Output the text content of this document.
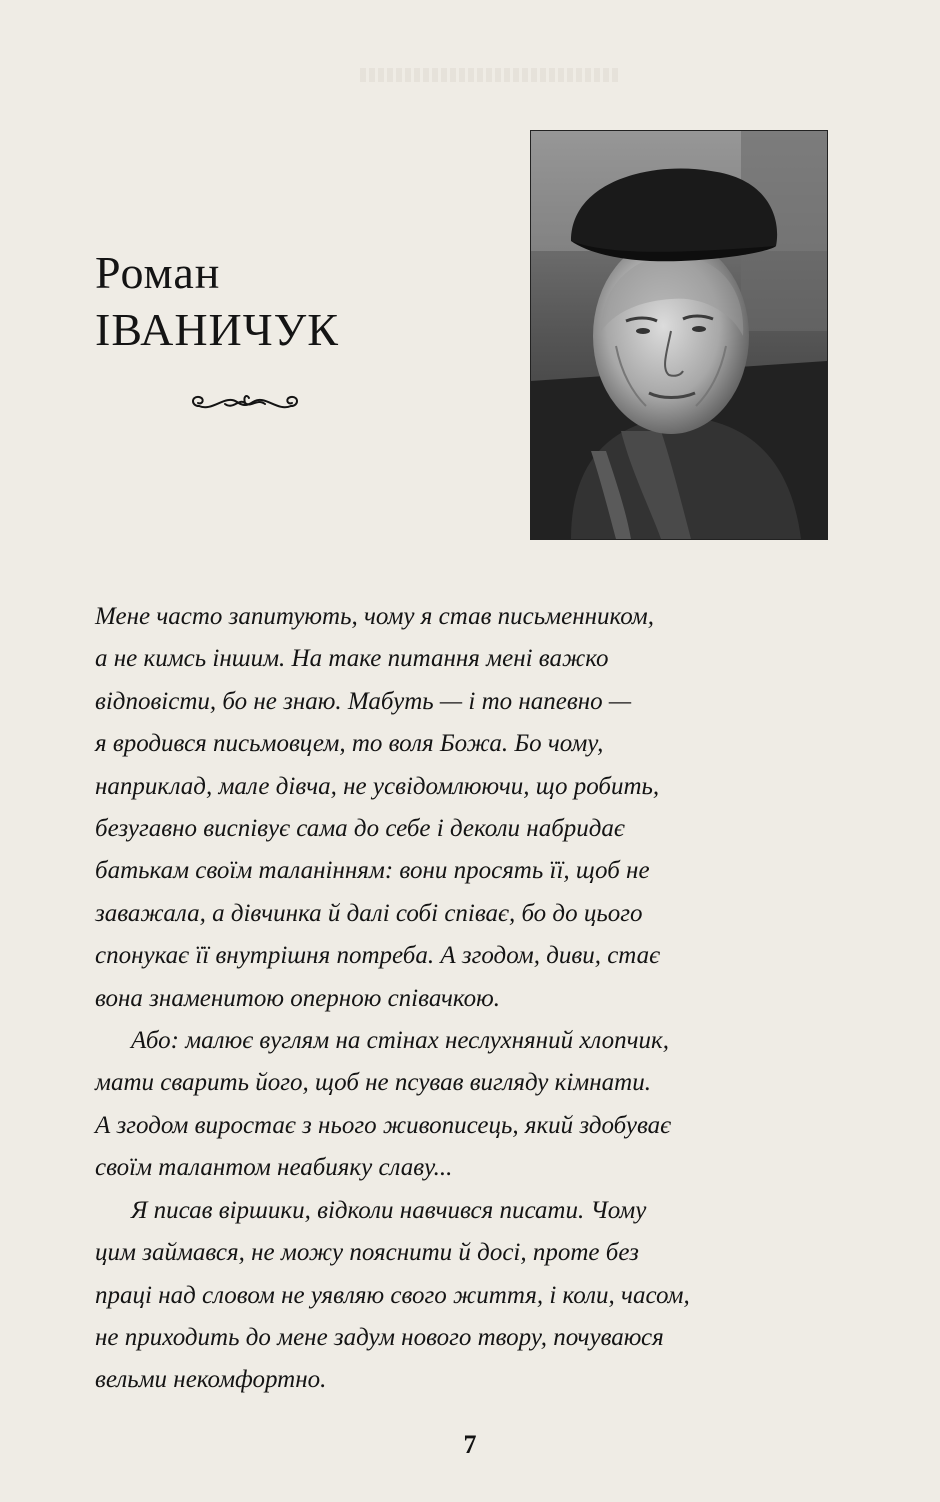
Роман
ІВАНИЧУК

Мене часто запитують, чому я став письменником,
а не кимсь іншим. На таке питання мені важко
відповісти, бо не знаю. Мабуть — і то напевно —
я вродився письмовцем, то воля Божа. Бо чому,
наприклад, мале дівча, не усвідомлюючи, що робить,
безугавно виспівує сама до себе і деколи набридає
батькам своїм таланінням: вони просять її, щоб не
заважала, а дівчинка й далі собі співає, бо до цього
спонукає її внутрішня потреба. А згодом, диви, стає
вона знаменитою оперною співачкою.

Або: малює вуглям на стінах неслухняний хлопчик,
мати сварить його, щоб не псував вигляду кімнати.
А згодом виростає з нього живописець, який здобуває
своїм талантом неабияку славу...

Я писав віршики, відколи навчився писати. Чому
цим займався, не можу пояснити й досі, проте без
праці над словом не уявляю свого життя, і коли, часом,
не приходить до мене задум нового твору, почуваюся
вельми некомфортно.

7
